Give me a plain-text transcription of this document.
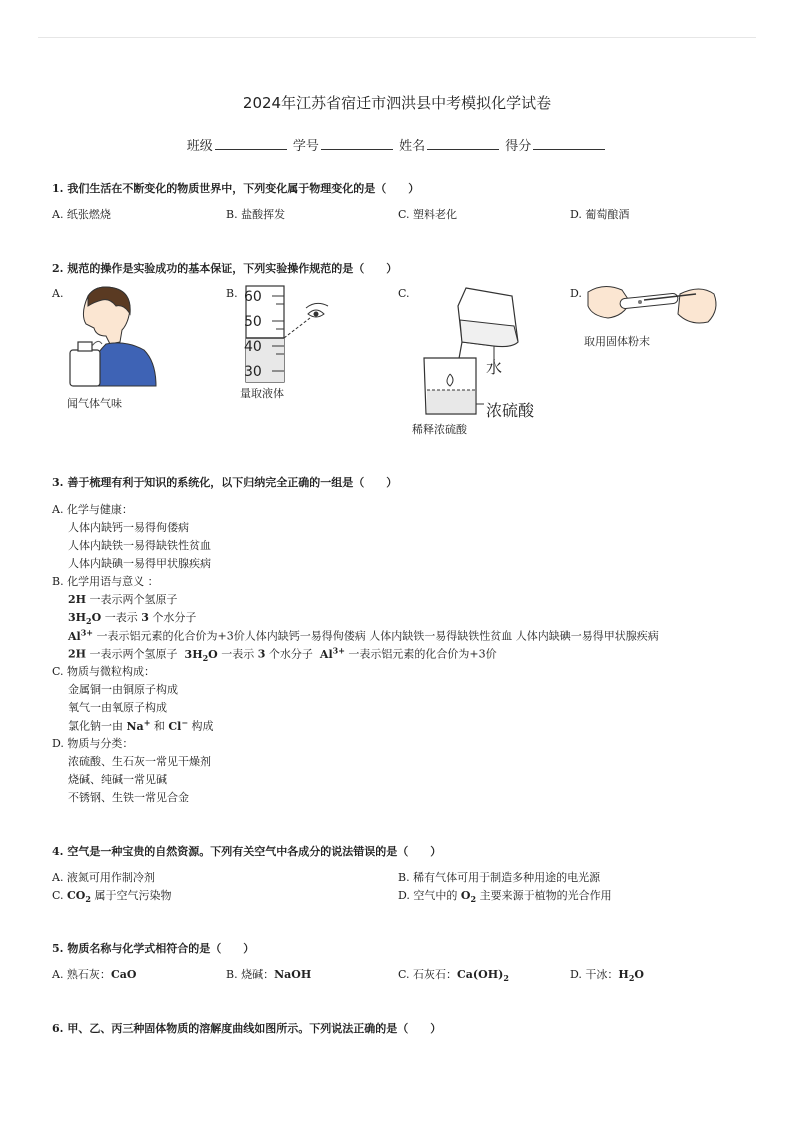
2024年江苏省宿迁市泗洪县中考模拟化学试卷
班级	学号	姓名	得分
1. 我们生活在不断变化的物质世界中，下列变化属于物理变化的是（　　）
A. 纸张燃烧	B. 盐酸挥发	C. 塑料老化	D. 葡萄酿酒
2. 规范的操作是实验成功的基本保证，下列实验操作规范的是（　　）
A.	B.	C.	D.
闻气体气味
60
50
40
30
量取液体
水
浓硫酸
稀释浓硫酸
取用固体粉末
3. 善于梳理有利于知识的系统化，以下归纳完全正确的一组是（　　）
A. 化学与健康：
人体内缺钙一易得佝偻病
人体内缺铁一易得缺铁性贫血
人体内缺碘一易得甲状腺疾病
B. 化学用语与意义 ：
2H 一表示两个氢原子
$3H_2O$ 一表示 3 个水分子
$Al^{3+}$ 一表示铝元素的化合价为+3价人体内缺钙一易得佝偻病 人体内缺铁一易得缺铁性贫血 人体内缺碘一易得甲状腺疾病
2H 一表示两个氢原子 $3H_2O$ 一表示 3 个水分子 $Al^{3+}$ 一表示铝元素的化合价为+3价
C. 物质与微粒构成：
金属铜一由铜原子构成
氧气一由氧原子构成
氯化钠一由 Na+ 和 Cl− 构成
D. 物质与分类：
浓硫酸、生石灰一常见干燥剂
烧碱、纯碱一常见碱
不锈钢、生铁一常见合金
4. 空气是一种宝贵的自然资源。下列有关空气中各成分的说法错误的是（　　）
A. 液氮可用作制冷剂	B. 稀有气体可用于制造多种用途的电光源
C. $CO_2$ 属于空气污染物	D. 空气中的 $O_2$ 主要来源于植物的光合作用
5. 物质名称与化学式相符合的是（　　）
A. 熟石灰：CaO	B. 烧碱：NaOH	C. 石灰石：$Ca(OH)_2$	D. 干冰：$H_2O$
6. 甲、乙、丙三种固体物质的溶解度曲线如图所示。下列说法正确的是（　　）
